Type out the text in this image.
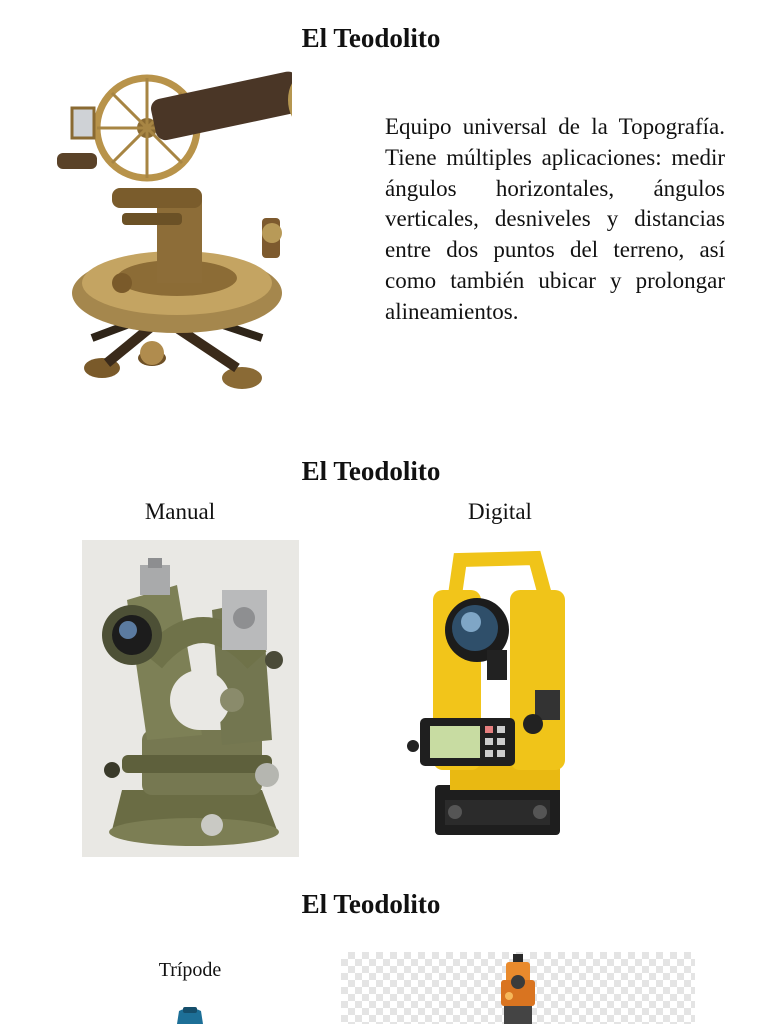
El Teodolito

Equipo universal de la Topografía. Tiene múltiples aplicaciones: medir ángulos horizontales, ángulos verticales, desniveles y distancias entre dos puntos del terreno, así como también ubicar y prolongar alineamientos.

El Teodolito
Manual	Digital
El Teodolito
Trípode
